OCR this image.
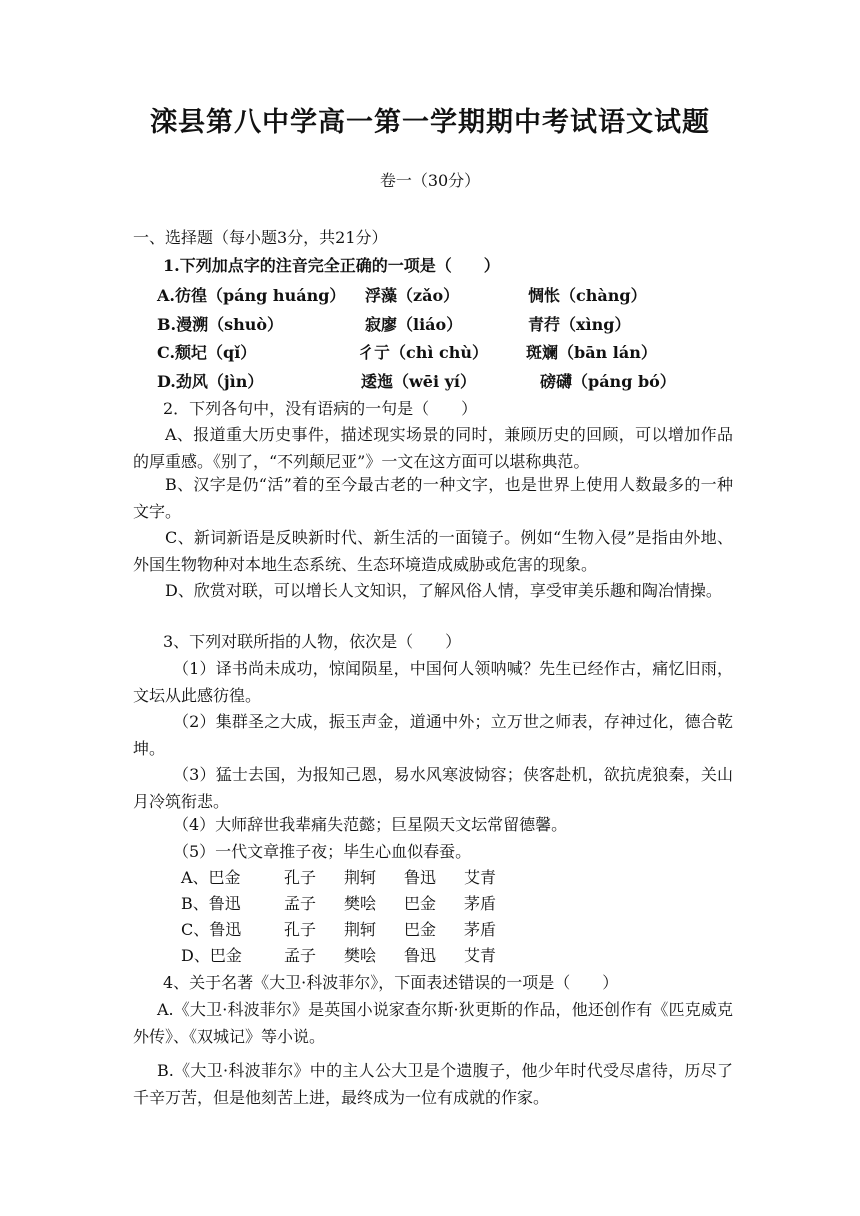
滦县第八中学高一第一学期期中考试语文试题
卷一（30分）
一、选择题（每小题3分，共21分）
1.下列加点字的注音完全正确的一项是（　　）
A.彷徨（páng huáng） 浮藻（zǎo）	惆怅（chàng）
B.漫溯（shuò）	寂廖（liáo）	青荇（xìng）
C.颓圮（qǐ）	彳亍（chì chù） 斑斓（bān lán）
D.劲风（jìn）	逶迤（wēi yí）	磅礴（páng bó）
2．下列各句中，没有语病的一句是（　　）
A、报道重大历史事件，描述现实场景的同时，兼顾历史的回顾，可以增加作品的厚重感。《别了，“不列颠尼亚”》一文在这方面可以堪称典范。
B、汉字是仍“活”着的至今最古老的一种文字，也是世界上使用人数最多的一种文字。
C、新词新语是反映新时代、新生活的一面镜子。例如“生物入侵”是指由外地、外国生物物种对本地生态系统、生态环境造成威胁或危害的现象。
D、欣赏对联，可以增长人文知识，了解风俗人情，享受审美乐趣和陶冶情操。
3、下列对联所指的人物，依次是（　　）
（1）译书尚未成功，惊闻陨星，中国何人领呐喊？先生已经作古，痛忆旧雨，文坛从此感彷徨。
（2）集群圣之大成，振玉声金，道通中外；立万世之师表，存神过化，德合乾坤。
（3）猛士去国，为报知己恩，易水风寒波恸容；侠客赴机，欲抗虎狼秦，关山月冷筑衔悲。
（4）大师辞世我辈痛失范懿；巨星陨天文坛常留德馨。
（5）一代文章推子夜；毕生心血似春蚕。
A、巴金	孔子 荆轲 鲁迅 艾青
B、鲁迅	孟子 樊哙 巴金 茅盾
C、鲁迅	孔子 荆轲 巴金 茅盾
D、巴金	孟子 樊哙 鲁迅 艾青
4、关于名著《大卫·科波菲尔》，下面表述错误的一项是（　　）
A.《大卫·科波菲尔》是英国小说家查尔斯·狄更斯的作品，他还创作有《匹克威克外传》、《双城记》等小说。
B.《大卫·科波菲尔》中的主人公大卫是个遗腹子，他少年时代受尽虐待，历尽了千辛万苦，但是他刻苦上进，最终成为一位有成就的作家。
